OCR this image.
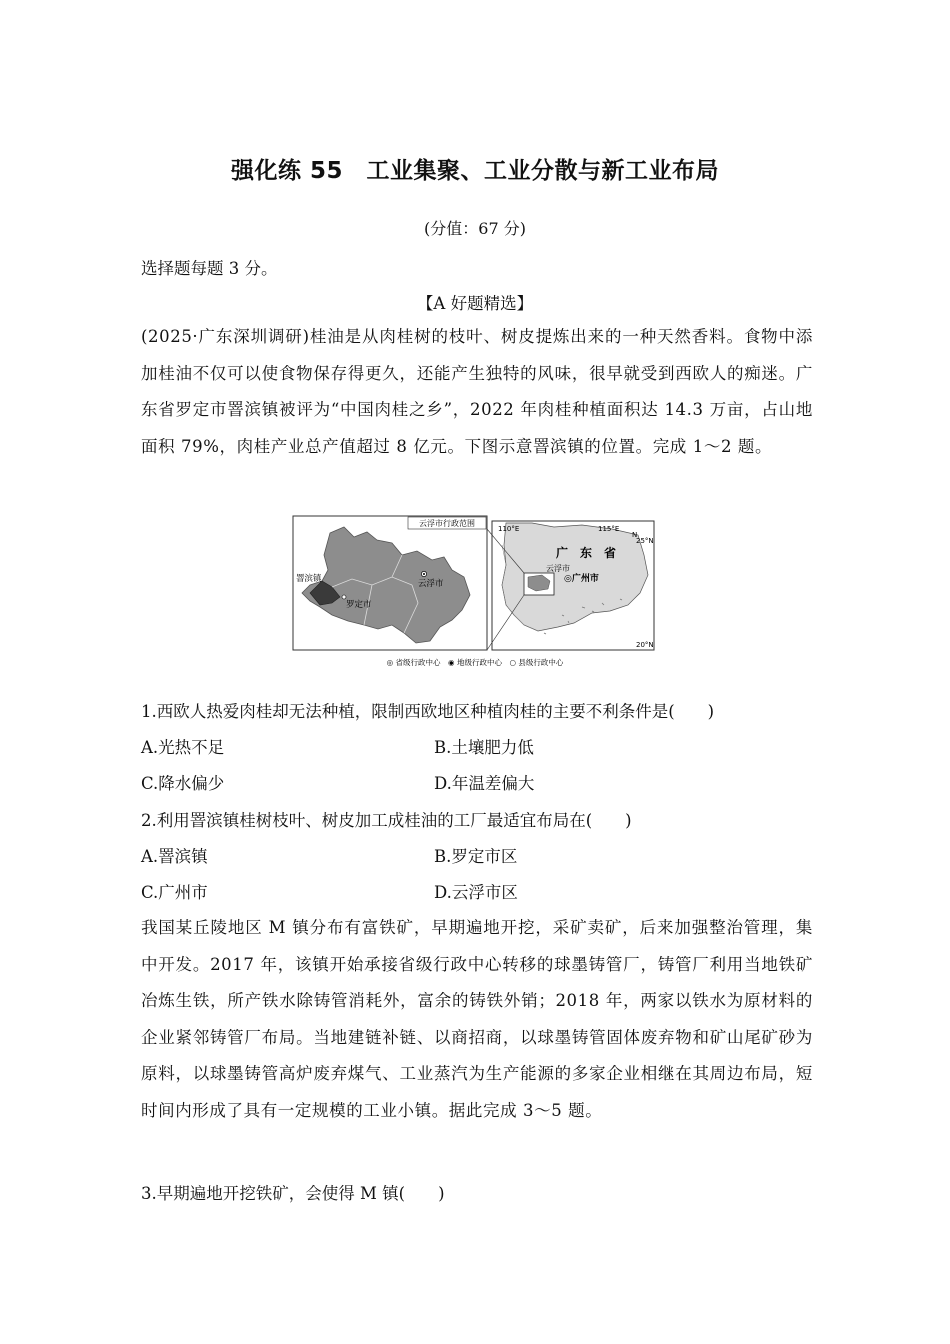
强化练 55　工业集聚、工业分散与新工业布局
(分值：67 分)
选择题每题 3 分。
【A 好题精选】
(2025·广东深圳调研)桂油是从肉桂树的枝叶、树皮提炼出来的一种天然香料。食物中添加桂油不仅可以使食物保存得更久，还能产生独特的风味，很早就受到西欧人的痴迷。广东省罗定市罯滨镇被评为“中国肉桂之乡”，2022 年肉桂种植面积达 14.3 万亩，占山地面积 79%，肉桂产业总产值超过 8 亿元。下图示意罯滨镇的位置。完成 1～2 题。
云浮市行政范围
罯滨镇
罗定市
云浮市
110°E	115°E
25°N
20°N
N
广　东　省
云浮市
◎广州市
◎ 省级行政中心　◉ 地级行政中心　○ 县级行政中心
1.西欧人热爱肉桂却无法种植，限制西欧地区种植肉桂的主要不利条件是(　　)
A.光热不足	B.土壤肥力低
C.降水偏少	D.年温差偏大
2.利用罯滨镇桂树枝叶、树皮加工成桂油的工厂最适宜布局在(　　)
A.罯滨镇	B.罗定市区
C.广州市	D.云浮市区
我国某丘陵地区 M 镇分布有富铁矿，早期遍地开挖，采矿卖矿，后来加强整治管理，集中开发。2017 年，该镇开始承接省级行政中心转移的球墨铸管厂，铸管厂利用当地铁矿冶炼生铁，所产铁水除铸管消耗外，富余的铸铁外销；2018 年，两家以铁水为原材料的企业紧邻铸管厂布局。当地建链补链、以商招商，以球墨铸管固体废弃物和矿山尾矿砂为原料，以球墨铸管高炉废弃煤气、工业蒸汽为生产能源的多家企业相继在其周边布局，短时间内形成了具有一定规模的工业小镇。据此完成 3～5 题。
3.早期遍地开挖铁矿，会使得 M 镇(　　)
